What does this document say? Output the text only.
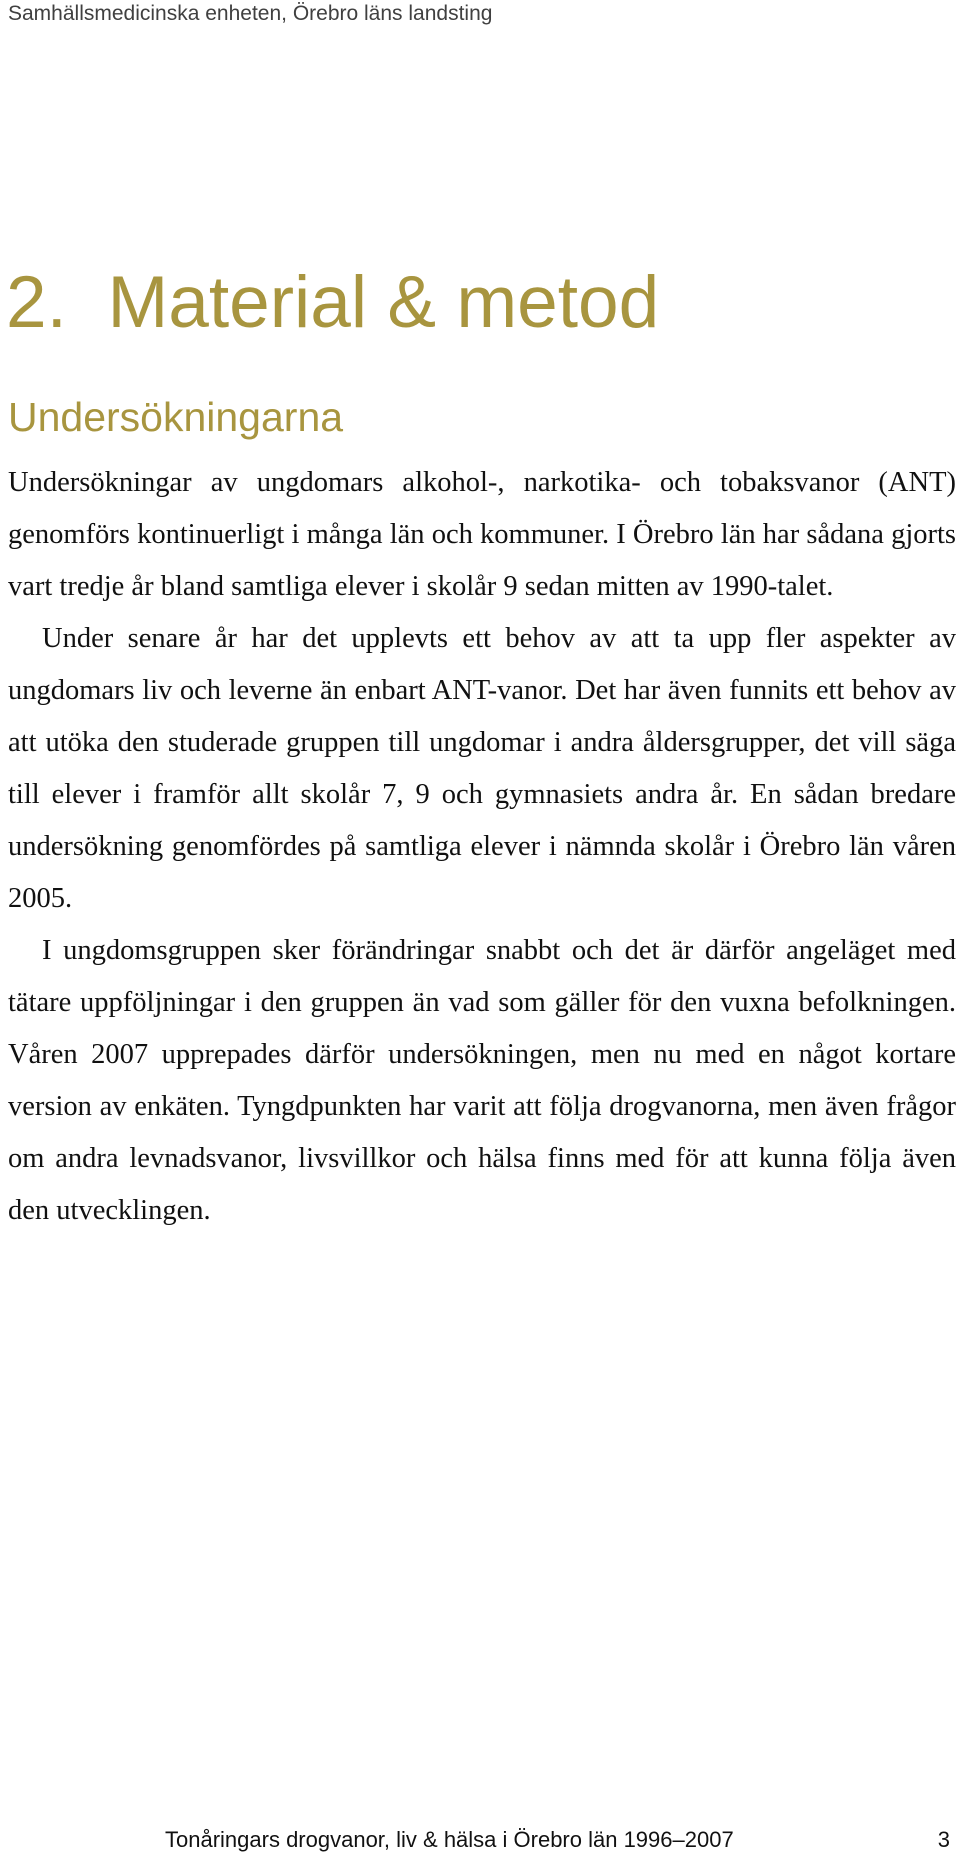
Samhällsmedicinska enheten, Örebro läns landsting
2.  Material & metod
Undersökningarna

Undersökningar av ungdomars alkohol-, narkotika- och tobaksvanor (ANT) genomförs kontinuerligt i många län och kommuner. I Örebro län har sådana gjorts vart tredje år bland samtliga elever i skolår 9 sedan mitten av 1990-talet.

Under senare år har det upplevts ett behov av att ta upp fler aspekter av ungdomars liv och leverne än enbart ANT-vanor. Det har även funnits ett behov av att utöka den studerade gruppen till ungdomar i andra åldersgrupper, det vill säga till elever i framför allt skolår 7, 9 och gymnasiets andra år. En sådan bredare undersökning genomfördes på samtliga elever i nämnda skolår i Örebro län våren 2005.

I ungdomsgruppen sker förändringar snabbt och det är därför angeläget med tätare uppföljningar i den gruppen än vad som gäller för den vuxna befolkningen. Våren 2007 upprepades därför undersökningen, men nu med en något kortare version av enkäten. Tyngdpunkten har varit att följa drogvanorna, men även frågor om andra levnadsvanor, livsvillkor och hälsa finns med för att kunna följa även den utvecklingen.

Tonåringars drogvanor, liv & hälsa i Örebro län 1996–2007	3
